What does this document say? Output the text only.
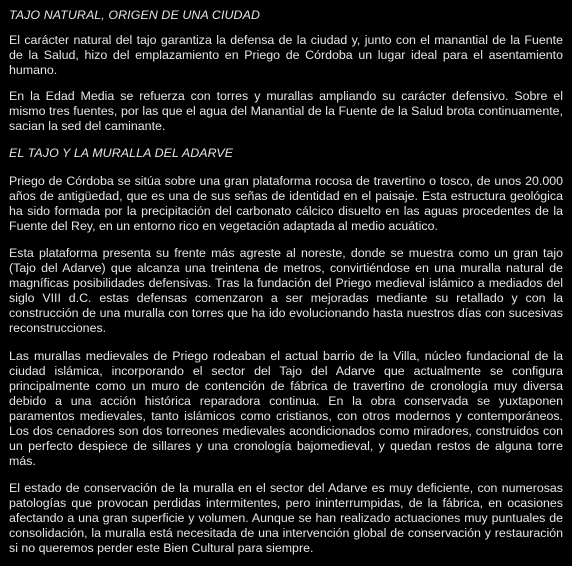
TAJO NATURAL, ORIGEN DE UNA CIUDAD

El carácter natural del tajo garantiza la defensa de la ciudad y, junto con el manantial de la Fuente de la Salud, hizo del emplazamiento en Priego de Córdoba un lugar ideal para el asentamiento humano.

En la Edad Media se refuerza con torres y murallas ampliando su carácter defensivo. Sobre el mismo tres fuentes, por las que el agua del Manantial de la Fuente de la Salud brota continuamente, sacian la sed del caminante.

EL TAJO Y LA MURALLA DEL ADARVE

Priego de Córdoba se sitúa sobre una gran plataforma rocosa de travertino o tosco, de unos 20.000 años de antigüedad, que es una de sus señas de identidad en el paisaje. Esta estructura geológica ha sido formada por la precipitación del carbonato cálcico disuelto en las aguas procedentes de la Fuente del Rey, en un entorno rico en vegetación adaptada al medio acuático.

Esta plataforma presenta su frente más agreste al noreste, donde se muestra como un gran tajo (Tajo del Adarve) que alcanza una treintena de metros, convirtiéndose en una muralla natural de magníficas posibilidades defensivas. Tras la fundación del Priego medieval islámico a mediados del siglo VIII d.C. estas defensas comenzaron a ser mejoradas mediante su retallado y con la construcción de una muralla con torres que ha ido evolucionando hasta nuestros días con sucesivas reconstrucciones.

Las murallas medievales de Priego rodeaban el actual barrio de la Villa, núcleo fundacional de la ciudad islámica, incorporando el sector del Tajo del Adarve que actualmente se configura principalmente como un muro de contención de fábrica de travertino de cronología muy diversa debido a una acción histórica reparadora continua. En la obra conservada se yuxtaponen paramentos medievales, tanto islámicos como cristianos, con otros modernos y contemporáneos. Los dos cenadores son dos torreones medievales acondicionados como miradores, construidos con un perfecto despiece de sillares y una cronología bajomedieval, y quedan restos de alguna torre más.

El estado de conservación de la muralla en el sector del Adarve es muy deficiente, con numerosas patologías que provocan perdidas intermitentes, pero ininterrumpidas, de la fábrica, en ocasiones afectando a una gran superficie y volumen. Aunque se han realizado actuaciones muy puntuales de consolidación, la muralla está necesitada de una intervención global de conservación y restauración si no queremos perder este Bien Cultural para siempre.
